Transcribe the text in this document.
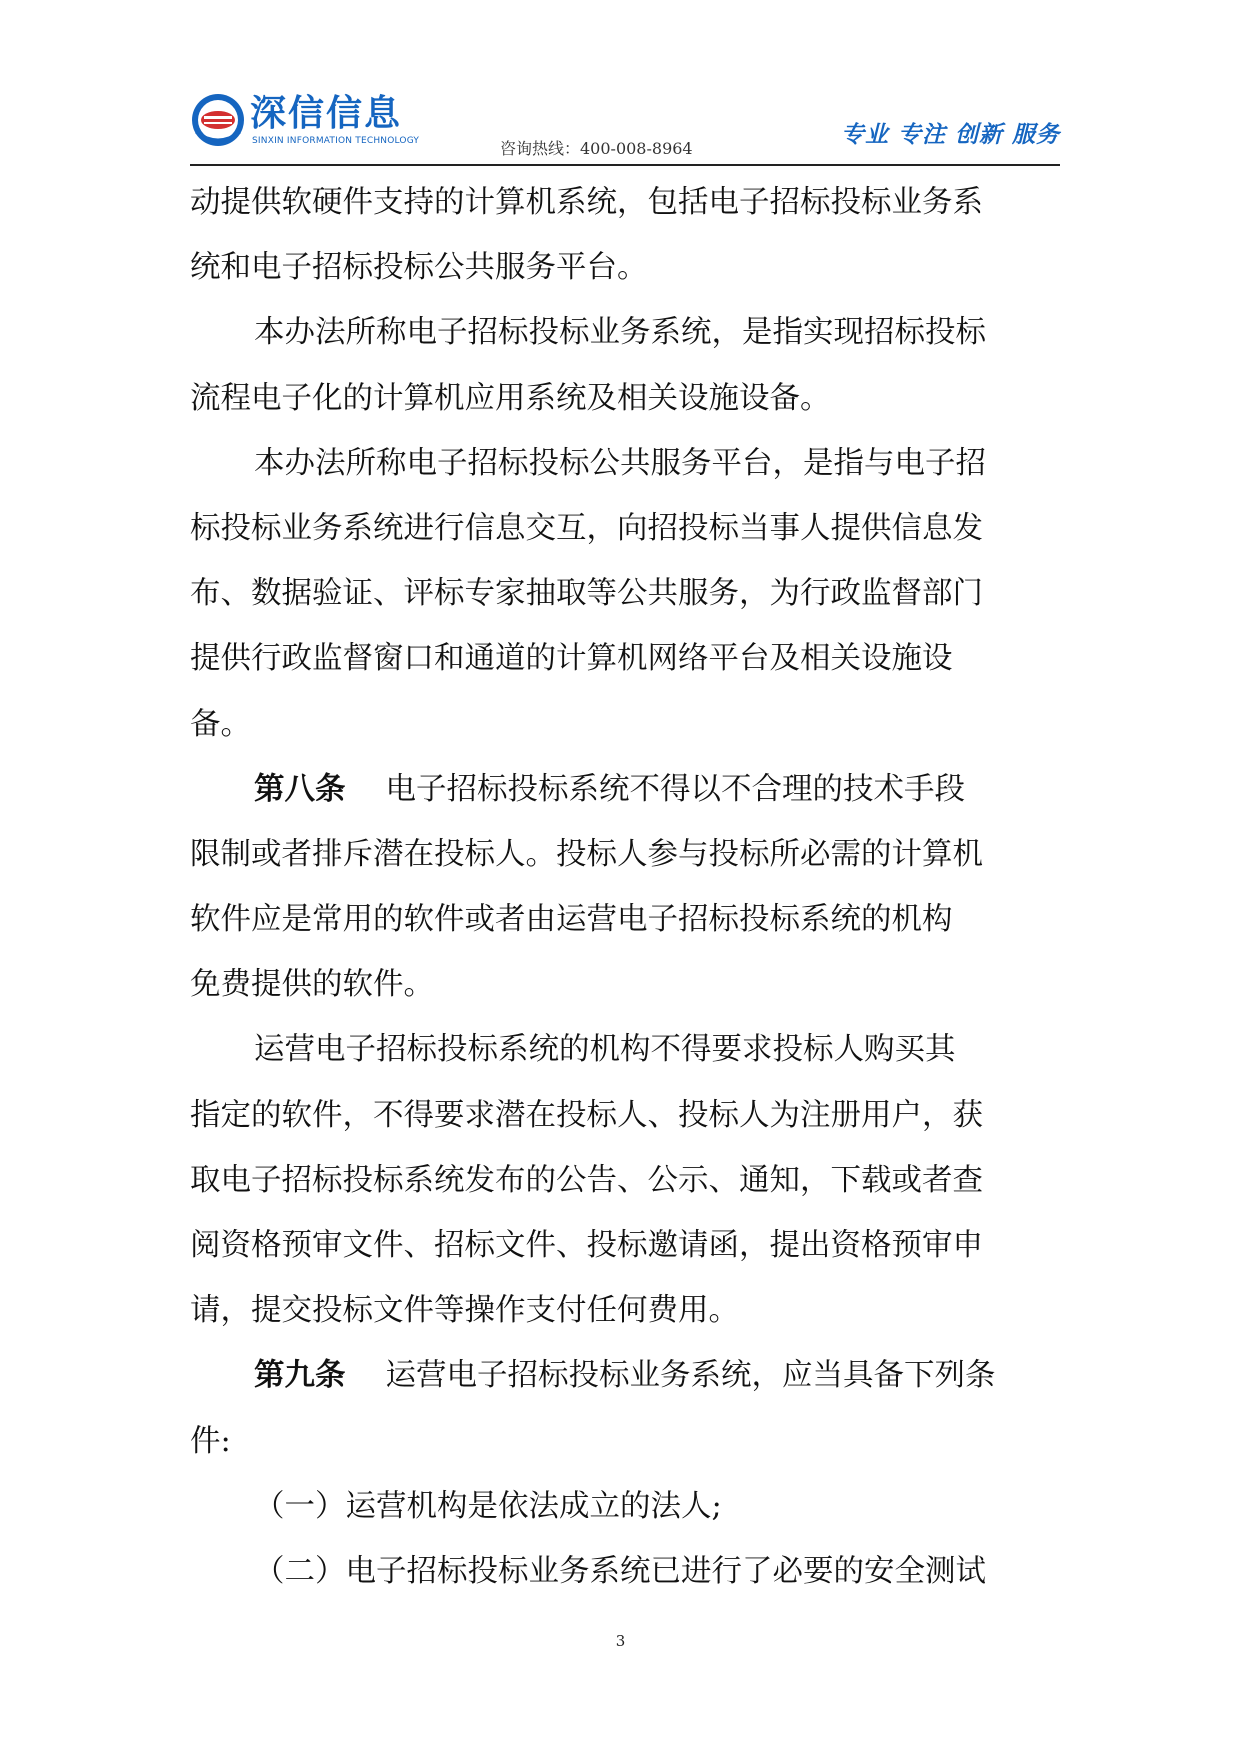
深信信息
SINXIN INFORMATION TECHNOLOGY	咨询热线：400-008-8964
专业 专注 创新 服务
动提供软硬件支持的计算机系统，包括电子招标投标业务系
统和电子招标投标公共服务平台。
本办法所称电子招标投标业务系统，是指实现招标投标
流程电子化的计算机应用系统及相关设施设备。
本办法所称电子招标投标公共服务平台，是指与电子招
标投标业务系统进行信息交互，向招投标当事人提供信息发
布、数据验证、评标专家抽取等公共服务，为行政监督部门
提供行政监督窗口和通道的计算机网络平台及相关设施设
备。
第八条 电子招标投标系统不得以不合理的技术手段
限制或者排斥潜在投标人。投标人参与投标所必需的计算机
软件应是常用的软件或者由运营电子招标投标系统的机构
免费提供的软件。
运营电子招标投标系统的机构不得要求投标人购买其
指定的软件，不得要求潜在投标人、投标人为注册用户，获
取电子招标投标系统发布的公告、公示、通知，下载或者查
阅资格预审文件、招标文件、投标邀请函，提出资格预审申
请，提交投标文件等操作支付任何费用。
第九条 运营电子招标投标业务系统，应当具备下列条
件:
（一）运营机构是依法成立的法人;
（二）电子招标投标业务系统已进行了必要的安全测试
3
